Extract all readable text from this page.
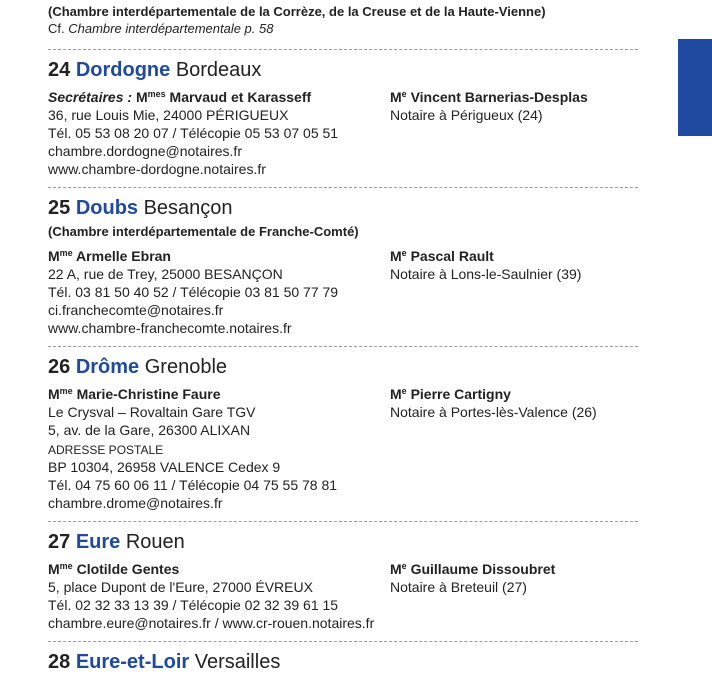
(Chambre interdépartementale de la Corrèze, de la Creuse et de la Haute-Vienne)
Cf. Chambre interdépartementale p. 58
24 Dordogne Bordeaux
Secrétaires : $M^{mes}$ Marvaud et Karasseff
36, rue Louis Mie, 24000 PÉRIGUEUX
Tél. 05 53 08 20 07 / Télécopie 05 53 07 05 51
chambre.dordogne@notaires.fr
www.chambre-dordogne.notaires.fr
Me Vincent Barnerias-Desplas
Notaire à Périgueux (24)
25 Doubs Besançon
(Chambre interdépartementale de Franche-Comté)
$M^{me}$ Armelle Ebran
22 A, rue de Trey, 25000 BESANÇON
Tél. 03 81 50 40 52 / Télécopie 03 81 50 77 79
ci.franchecomte@notaires.fr
www.chambre-franchecomte.notaires.fr
Me Pascal Rault
Notaire à Lons-le-Saulnier (39)
26 Drôme Grenoble
$M^{me}$ Marie-Christine Faure
Le Crysval – Rovaltain Gare TGV
5, av. de la Gare, 26300 ALIXAN
ADRESSE POSTALE
BP 10304, 26958 VALENCE Cedex 9
Tél. 04 75 60 06 11 / Télécopie 04 75 55 78 81
chambre.drome@notaires.fr
Me Pierre Cartigny
Notaire à Portes-lès-Valence (26)
27 Eure Rouen
$M^{me}$ Clotilde Gentes
5, place Dupont de l'Eure, 27000 ÉVREUX
Tél. 02 32 33 13 39 / Télécopie 02 32 39 61 15
chambre.eure@notaires.fr / www.cr-rouen.notaires.fr
Me Guillaume Dissoubret
Notaire à Breteuil (27)
28 Eure-et-Loir Versailles
